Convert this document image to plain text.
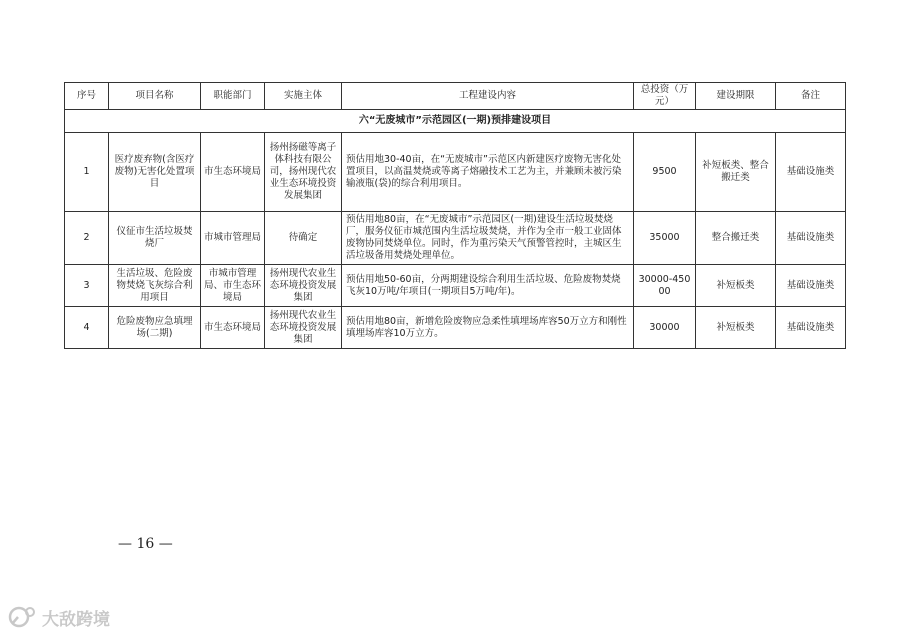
序号	项目名称	职能部门	实施主体	工程建设内容	总投资（万元）	建设期限	备注
六“无废城市”示范园区(一期)预排建设项目							
1	医疗废弃物(含医疗废物)无害化处置项目	市生态环境局	扬州扬磁等离子体科技有限公司，扬州现代农业生态环境投资发展集团	预估用地30-40亩，在“无废城市”示范区内新建医疗废物无害化处置项目，以高温焚烧或等离子熔融技术工艺为主，并兼顾未被污染输液瓶(袋)的综合利用项目。	9500	补短板类、整合搬迁类	基础设施类
2	仪征市生活垃圾焚烧厂	市城市管理局	待确定	预估用地80亩，在“无废城市”示范园区(一期)建设生活垃圾焚烧厂，服务仪征市城范围内生活垃圾焚烧，并作为全市一般工业固体废物协同焚烧单位。同时，作为重污染天气预警管控时，主城区生活垃圾备用焚烧处理单位。	35000	整合搬迁类	基础设施类
3	生活垃圾、危险废物焚烧飞灰综合利用项目	市城市管理局、市生态环境局	扬州现代农业生态环境投资发展集团	预估用地50-60亩，分两期建设综合利用生活垃圾、危险废物焚烧飞灰10万吨/年项目(一期项目5万吨/年)。	30000-45000	补短板类	基础设施类
4	危险废物应急填埋场(二期)	市生态环境局	扬州现代农业生态环境投资发展集团	预估用地80亩，新增危险废物应急柔性填埋场库容50万立方和刚性填埋场库容10万立方。	30000	补短板类	基础设施类
— 16 —
大敌跨境
